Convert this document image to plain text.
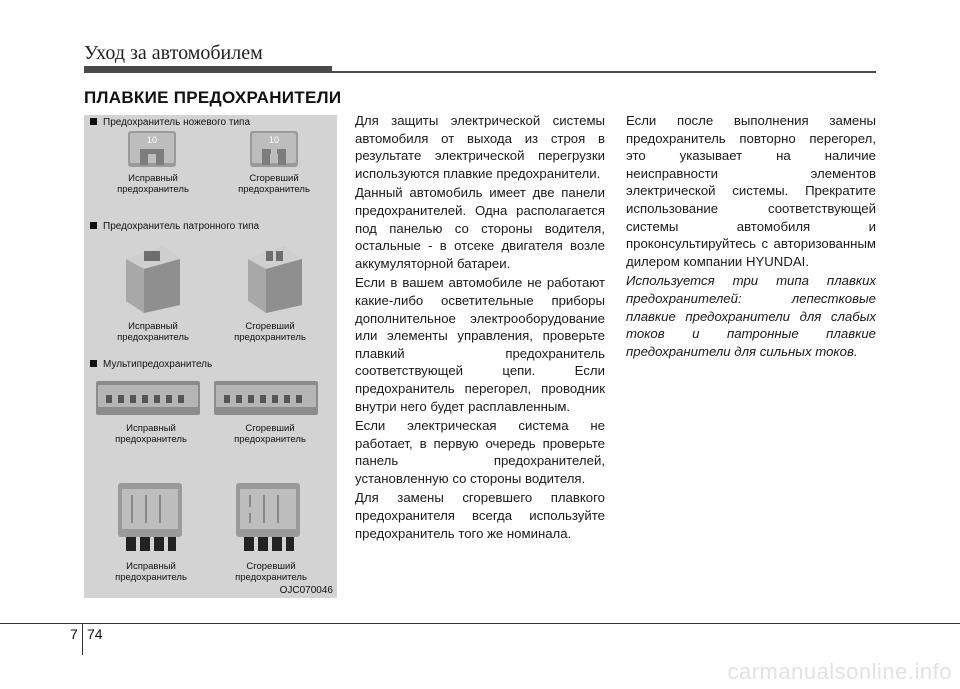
Уход за автомобилем
ПЛАВКИЕ ПРЕДОХРАНИТЕЛИ
Предохранитель ножевого типа
10	10
Исправный
предохранитель
Сгоревший
предохранитель
Предохранитель патронного типа
Исправный
предохранитель
Сгоревший
предохранитель
Мультипредохранитель
Исправный
предохранитель
Сгоревший
предохранитель
Исправный
предохранитель
Сгоревший
предохранитель
OJC070046

Для защиты электрической системы автомобиля от выхода из строя в результате электрической перегрузки используются плавкие предохранители.

Данный автомобиль имеет две панели предохранителей. Одна располагается под панелью со стороны водителя, остальные - в отсеке двигателя возле аккумуляторной батареи.

Если в вашем автомобиле не работают какие-либо осветительные приборы дополнительное электрооборудование или элементы управления, проверьте плавкий предохранитель соответствующей цепи. Если предохранитель перегорел, проводник внутри него будет расплавленным.

Если электрическая система не работает, в первую очередь проверьте панель предохранителей, установленную со стороны водителя.

Для замены сгоревшего плавкого предохранителя всегда используйте предохранитель того же номинала.

Если после выполнения замены предохранитель повторно перегорел, это указывает на наличие неисправности элементов электрической системы. Прекратите использование соответствующей системы автомобиля и проконсультируйтесь с авторизованным дилером компании HYUNDAI.

Используется три типа плавких предохранителей: лепестковые плавкие предохранители для слабых токов и патронные плавкие предохранители для сильных токов.

7 74
carmanualsonline.info
